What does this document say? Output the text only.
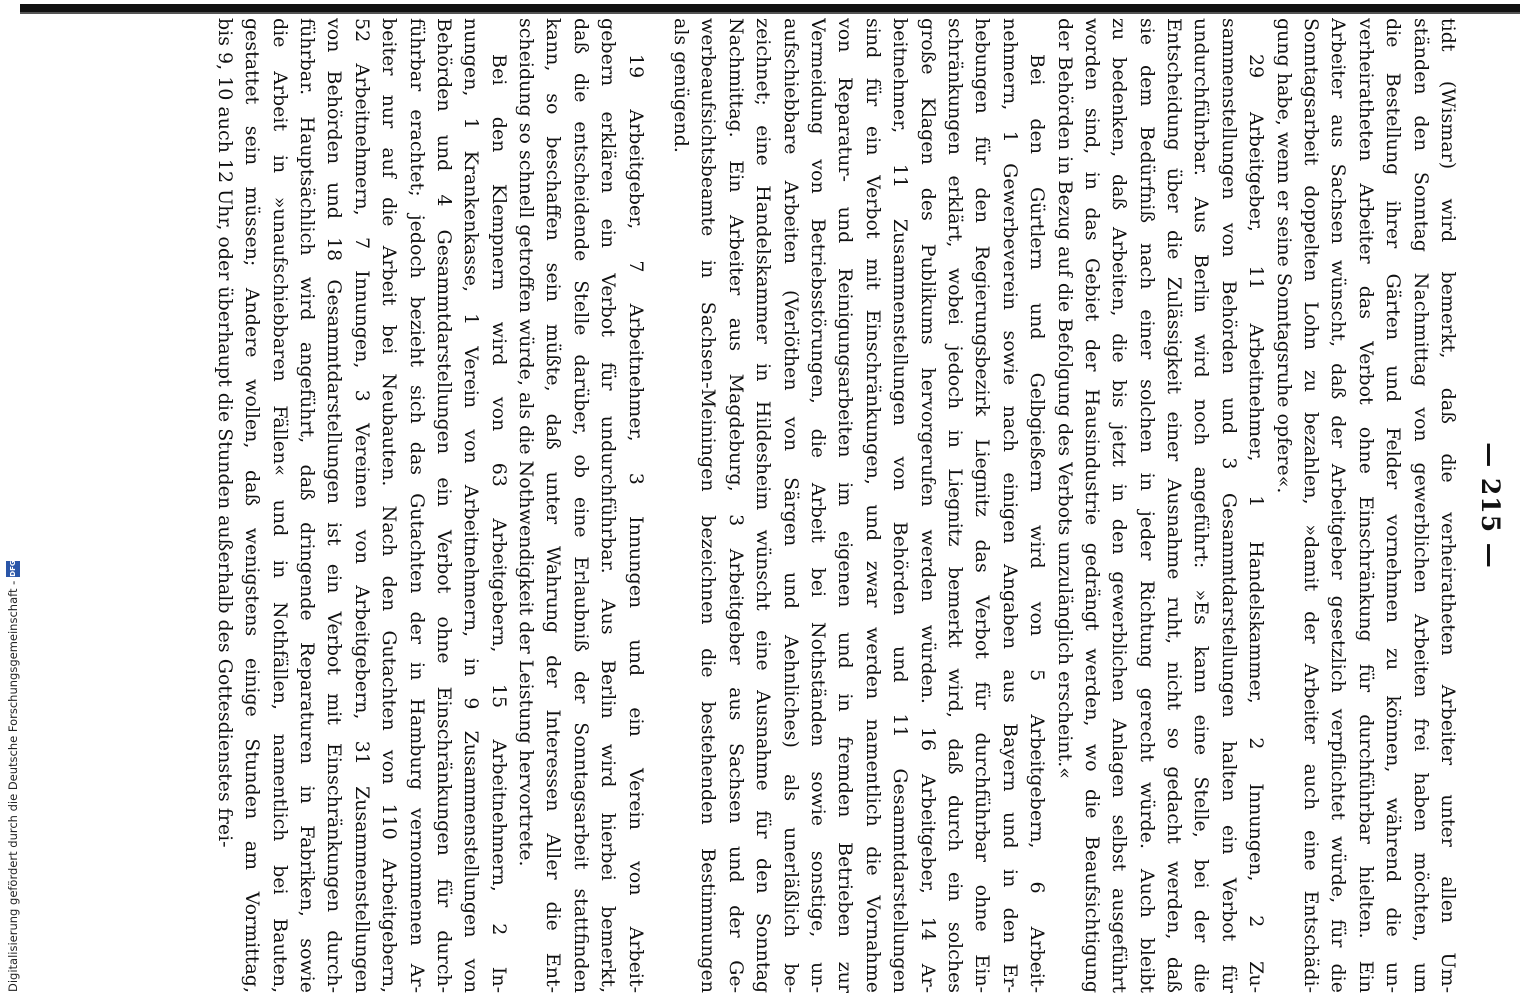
— 215 —
tidt (Wismar) wird bemerkt, daß die verheiratheten Arbeiter unter allen Um-
ständen den Sonntag Nachmittag von gewerblichen Arbeiten frei haben möchten, um
die Bestellung ihrer Gärten und Felder vornehmen zu können, während die un-
verheiratheten Arbeiter das Verbot ohne Einschränkung für durchführbar hielten. Ein
Arbeiter aus Sachsen wünscht, daß der Arbeitgeber gesetzlich verpflichtet würde, für die
Sonntagsarbeit doppelten Lohn zu bezahlen, »damit der Arbeiter auch eine Entschädi-
gung habe, wenn er seine Sonntagsruhe opfere«.
29 Arbeitgeber, 11 Arbeitnehmer, 1 Handelskammer, 2 Innungen, 2 Zu-
sammenstellungen von Behörden und 3 Gesammtdarstellungen halten ein Verbot für
undurchführbar. Aus Berlin wird noch angeführt: »Es kann eine Stelle, bei der die
Entscheidung über die Zulässigkeit einer Ausnahme ruht, nicht so gedacht werden, daß
sie dem Bedürfniß nach einer solchen in jeder Richtung gerecht würde. Auch bleibt
zu bedenken, daß Arbeiten, die bis jetzt in den gewerblichen Anlagen selbst ausgeführt
worden sind, in das Gebiet der Hausindustrie gedrängt werden, wo die Beaufsichtigung
der Behörden in Bezug auf die Befolgung des Verbots unzulänglich erscheint.«
Bei den Gürtlern und Gelbgießern wird von 5 Arbeitgebern, 6 Arbeit-
nehmern, 1 Gewerbeverein sowie nach einigen Angaben aus Bayern und in den Er-
hebungen für den Regierungsbezirk Liegnitz das Verbot für durchführbar ohne Ein-
schränkungen erklärt, wobei jedoch in Liegnitz bemerkt wird, daß durch ein solches
große Klagen des Publikums hervorgerufen werden würden. 16 Arbeitgeber, 14 Ar-
beitnehmer, 11 Zusammenstellungen von Behörden und 11 Gesammtdarstellungen
sind für ein Verbot mit Einschränkungen, und zwar werden namentlich die Vornahme
von Reparatur- und Reinigungsarbeiten im eigenen und in fremden Betrieben zur
Vermeidung von Betriebsstörungen, die Arbeit bei Nothständen sowie sonstige, un-
aufschiebbare Arbeiten (Verlöthen von Särgen und Aehnliches) als unerläßlich be-
zeichnet; eine Handelskammer in Hildesheim wünscht eine Ausnahme für den Sonntag
Nachmittag. Ein Arbeiter aus Magdeburg, 3 Arbeitgeber aus Sachsen und der Ge-
werbeaufsichtsbeamte in Sachsen-Meiningen bezeichnen die bestehenden Bestimmungen
als genügend.
19 Arbeitgeber, 7 Arbeitnehmer, 3 Innungen und ein Verein von Arbeit-
gebern erklären ein Verbot für undurchführbar. Aus Berlin wird hierbei bemerkt,
daß die entscheidende Stelle darüber, ob eine Erlaubniß der Sonntagsarbeit stattfinden
kann, so beschaffen sein müßte, daß unter Wahrung der Interessen Aller die Ent-
scheidung so schnell getroffen würde, als die Nothwendigkeit der Leistung hervortrete.
Bei den Klempnern wird von 63 Arbeitgebern, 15 Arbeitnehmern, 2 In-
nungen, 1 Krankenkasse, 1 Verein von Arbeitnehmern, in 9 Zusammenstellungen von
Behörden und 4 Gesammtdarstellungen ein Verbot ohne Einschränkungen für durch-
führbar erachtet; jedoch bezieht sich das Gutachten der in Hamburg vernommenen Ar-
beiter nur auf die Arbeit bei Neubauten. Nach den Gutachten von 110 Arbeitgebern,
52 Arbeitnehmern, 7 Innungen, 3 Vereinen von Arbeitgebern, 31 Zusammenstellungen
von Behörden und 18 Gesammtdarstellungen ist ein Verbot mit Einschränkungen durch-
führbar. Hauptsächlich wird angeführt, daß dringende Reparaturen in Fabriken, sowie
die Arbeit in »unaufschiebbaren Fällen« und in Nothfällen, namentlich bei Bauten,
gestattet sein müssen; Andere wollen, daß wenigstens einige Stunden am Vormittag,
bis 9, 10 auch 12 Uhr, oder überhaupt die Stunden außerhalb des Gottesdienstes frei-
Digitalisierung gefördert durch die Deutsche Forschungsgemeinschaft -
DFG
